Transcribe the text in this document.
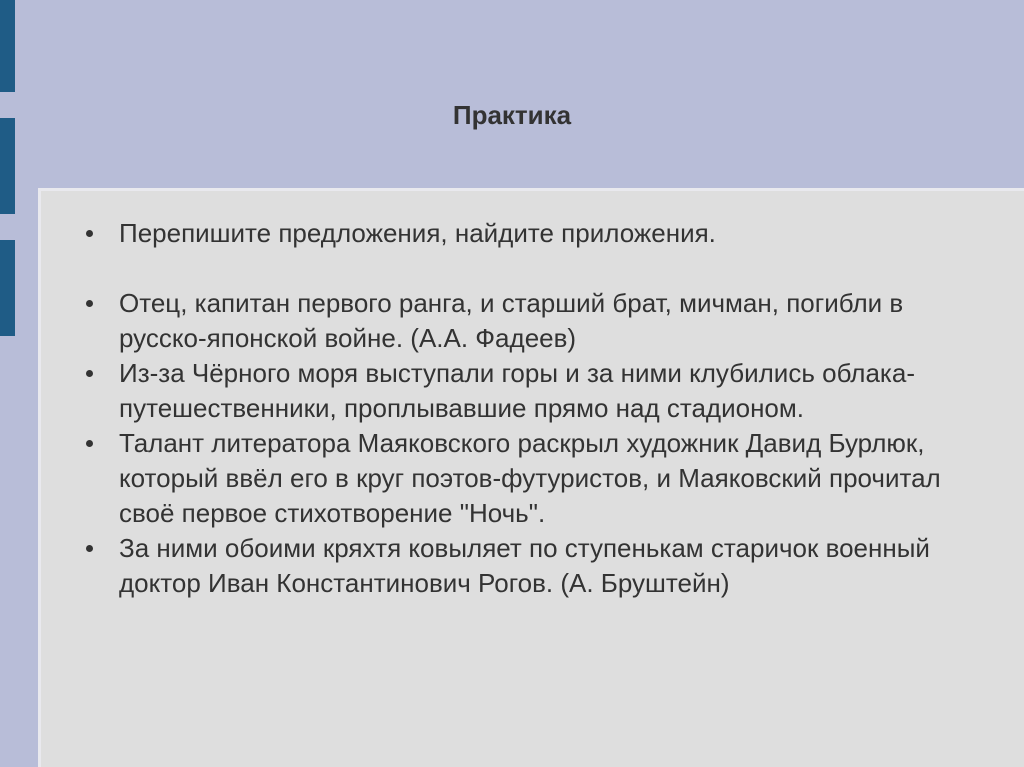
Практика
Перепишите предложения, найдите приложения.
Отец, капитан первого ранга, и старший брат, мичман, погибли в русско-японской войне. (А.А. Фадеев)
Из-за Чёрного моря выступали горы и за ними клубились облака-путешественники, проплывавшие прямо над стадионом.
Талант литератора Маяковского раскрыл художник Давид Бурлюк, который ввёл его в круг поэтов-футуристов, и Маяковский прочитал своё первое стихотворение "Ночь".
За ними обоими кряхтя ковыляет по ступенькам старичок военный доктор Иван Константинович Рогов. (А. Бруштейн)
